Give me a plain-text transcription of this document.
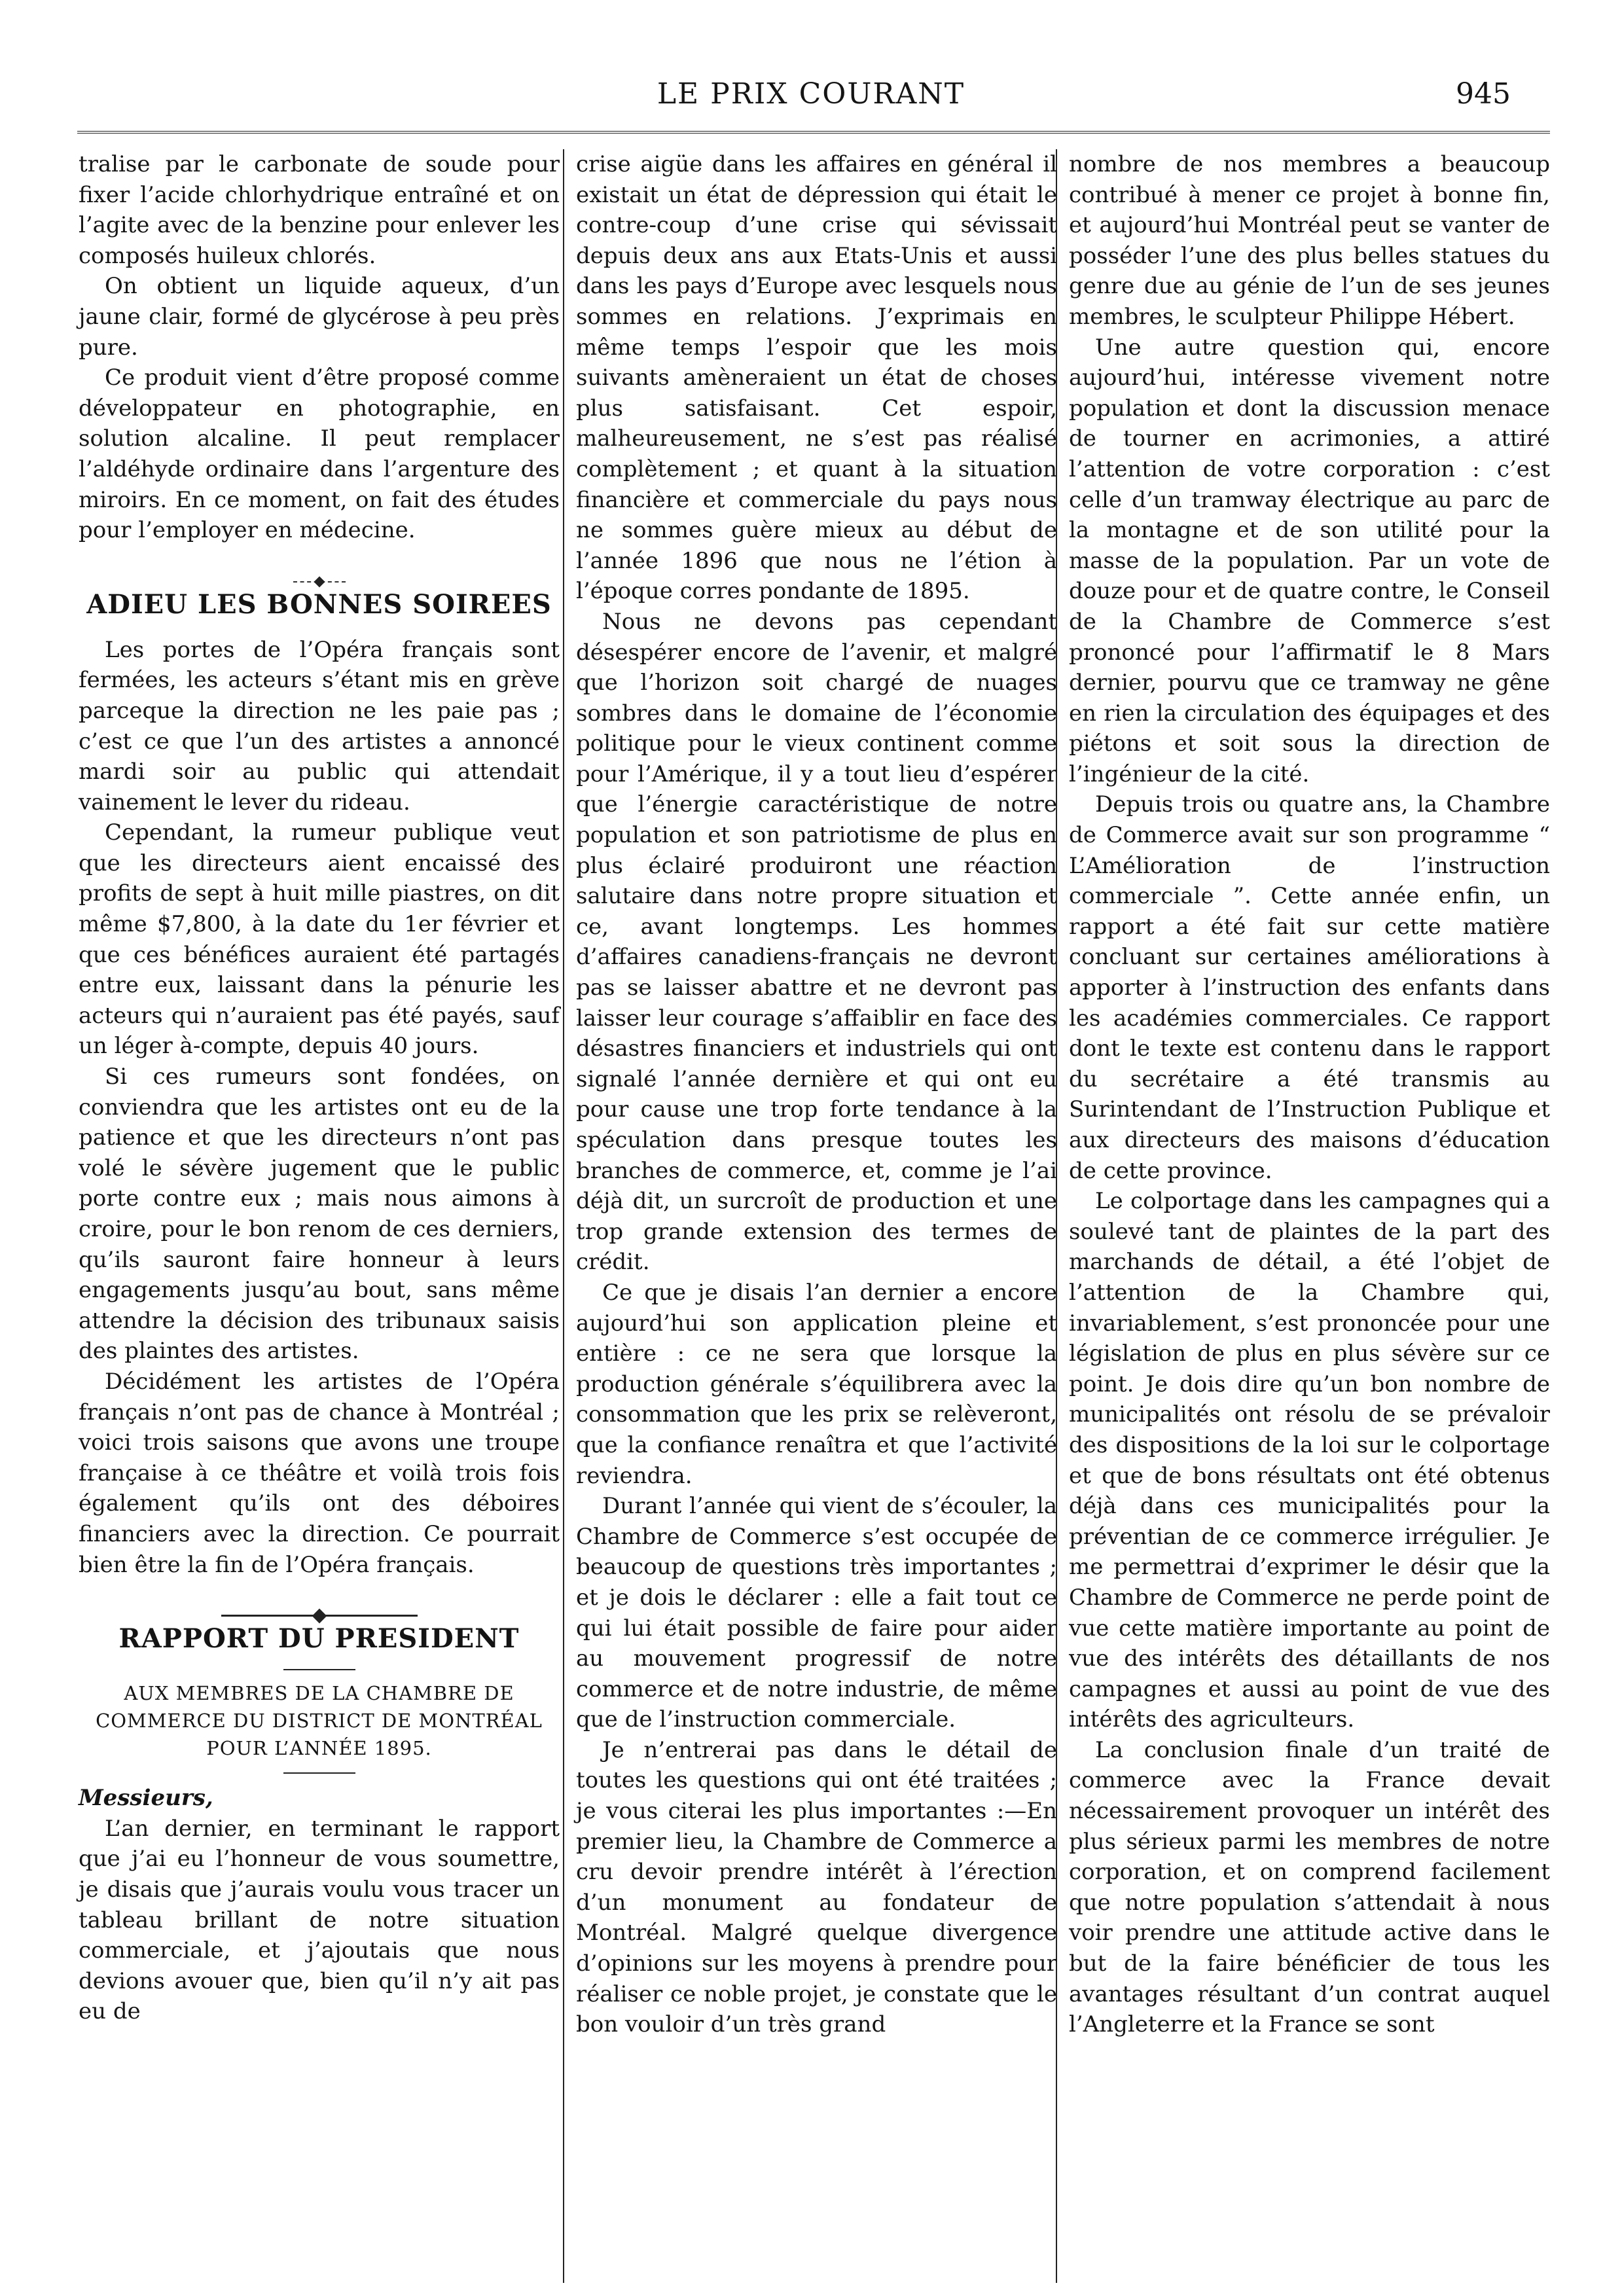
LE PRIX COURANT	945

tralise par le carbonate de soude pour fixer l’acide chlorhydrique entraîné et on l’agite avec de la benzine pour enlever les composés huileux chlorés.

On obtient un liquide aqueux, d’un jaune clair, formé de glycérose à peu près pure.

Ce produit vient d’être proposé comme développateur en photographie, en solution alcaline. Il peut remplacer l’aldéhyde ordinaire dans l’argenture des miroirs. En ce moment, on fait des études pour l’employer en médecine.

ADIEU LES BONNES SOIREES

Les portes de l’Opéra français sont fermées, les acteurs s’étant mis en grève parceque la direction ne les paie pas ; c’est ce que l’un des artistes a annoncé mardi soir au public qui attendait vainement le lever du rideau.

Cependant, la rumeur publique veut que les directeurs aient encaissé des profits de sept à huit mille piastres, on dit même $7,800, à la date du 1er février et que ces bénéfices auraient été partagés entre eux, laissant dans la pénurie les acteurs qui n’auraient pas été payés, sauf un léger à-compte, depuis 40 jours.

Si ces rumeurs sont fondées, on conviendra que les artistes ont eu de la patience et que les directeurs n’ont pas volé le sévère jugement que le public porte contre eux ; mais nous aimons à croire, pour le bon renom de ces derniers, qu’ils sauront faire honneur à leurs engagements jusqu’au bout, sans même attendre la décision des tribunaux saisis des plaintes des artistes.

Décidément les artistes de l’Opéra français n’ont pas de chance à Montréal ; voici trois saisons que avons une troupe française à ce théâtre et voilà trois fois également qu’ils ont des déboires financiers avec la direction. Ce pourrait bien être la fin de l’Opéra français.

RAPPORT DU PRESIDENT
AUX MEMBRES DE LA CHAMBRE DE COMMERCE DU DISTRICT DE MONTRÉAL POUR L’ANNÉE 1895.

Messieurs,

L’an dernier, en terminant le rapport que j’ai eu l’honneur de vous soumettre, je disais que j’aurais voulu vous tracer un tableau brillant de notre situation commerciale, et j’ajoutais que nous devions avouer que, bien qu’il n’y ait pas eu de

crise aigüe dans les affaires en général il existait un état de dépression qui était le contre-coup d’une crise qui sévissait depuis deux ans aux Etats-Unis et aussi dans les pays d’Europe avec lesquels nous sommes en relations. J’exprimais en même temps l’espoir que les mois suivants amèneraient un état de choses plus satisfaisant. Cet espoir, malheureusement, ne s’est pas réalisé complètement ; et quant à la situation financière et commerciale du pays nous ne sommes guère mieux au début de l’année 1896 que nous ne l’étion à l’époque corres pondante de 1895.

Nous ne devons pas cependant désespérer encore de l’avenir, et malgré que l’horizon soit chargé de nuages sombres dans le domaine de l’économie politique pour le vieux continent comme pour l’Amérique, il y a tout lieu d’espérer que l’énergie caractéristique de notre population et son patriotisme de plus en plus éclairé produiront une réaction salutaire dans notre propre situation et ce, avant longtemps. Les hommes d’affaires canadiens-français ne devront pas se laisser abattre et ne devront pas laisser leur courage s’affaiblir en face des désastres financiers et industriels qui ont signalé l’année dernière et qui ont eu pour cause une trop forte tendance à la spéculation dans presque toutes les branches de commerce, et, comme je l’ai déjà dit, un surcroît de production et une trop grande extension des termes de crédit.

Ce que je disais l’an dernier a encore aujourd’hui son application pleine et entière : ce ne sera que lorsque la production générale s’équilibrera avec la consommation que les prix se relèveront, que la confiance renaîtra et que l’activité reviendra.

Durant l’année qui vient de s’écouler, la Chambre de Commerce s’est occupée de beaucoup de questions très importantes ; et je dois le déclarer : elle a fait tout ce qui lui était possible de faire pour aider au mouvement progressif de notre commerce et de notre industrie, de même que de l’instruction commerciale.

Je n’entrerai pas dans le détail de toutes les questions qui ont été traitées ; je vous citerai les plus importantes :—En premier lieu, la Chambre de Commerce a cru devoir prendre intérêt à l’érection d’un monument au fondateur de Montréal. Malgré quelque divergence d’opinions sur les moyens à prendre pour réaliser ce noble projet, je constate que le bon vouloir d’un très grand

nombre de nos membres a beaucoup contribué à mener ce projet à bonne fin, et aujourd’hui Montréal peut se vanter de posséder l’une des plus belles statues du genre due au génie de l’un de ses jeunes membres, le sculpteur Philippe Hébert.

Une autre question qui, encore aujourd’hui, intéresse vivement notre population et dont la discussion menace de tourner en acrimonies, a attiré l’attention de votre corporation : c’est celle d’un tramway électrique au parc de la montagne et de son utilité pour la masse de la population. Par un vote de douze pour et de quatre contre, le Conseil de la Chambre de Commerce s’est prononcé pour l’affirmatif le 8 Mars dernier, pourvu que ce tramway ne gêne en rien la circulation des équipages et des piétons et soit sous la direction de l’ingénieur de la cité.

Depuis trois ou quatre ans, la Chambre de Commerce avait sur son programme “ L’Amélioration de l’instruction commerciale ”. Cette année enfin, un rapport a été fait sur cette matière concluant sur certaines améliorations à apporter à l’instruction des enfants dans les académies commerciales. Ce rapport dont le texte est contenu dans le rapport du secrétaire a été transmis au Surintendant de l’Instruction Publique et aux directeurs des maisons d’éducation de cette province.

Le colportage dans les campagnes qui a soulevé tant de plaintes de la part des marchands de détail, a été l’objet de l’attention de la Chambre qui, invariablement, s’est prononcée pour une législation de plus en plus sévère sur ce point. Je dois dire qu’un bon nombre de municipalités ont résolu de se prévaloir des dispositions de la loi sur le colportage et que de bons résultats ont été obtenus déjà dans ces municipalités pour la préventian de ce commerce irrégulier. Je me permettrai d’exprimer le désir que la Chambre de Commerce ne perde point de vue cette matière importante au point de vue des intérêts des détaillants de nos campagnes et aussi au point de vue des intérêts des agriculteurs.

La conclusion finale d’un traité de commerce avec la France devait nécessairement provoquer un intérêt des plus sérieux parmi les membres de notre corporation, et on comprend facilement que notre population s’attendait à nous voir prendre une attitude active dans le but de la faire bénéficier de tous les avantages résultant d’un contrat auquel l’Angleterre et la France se sont
